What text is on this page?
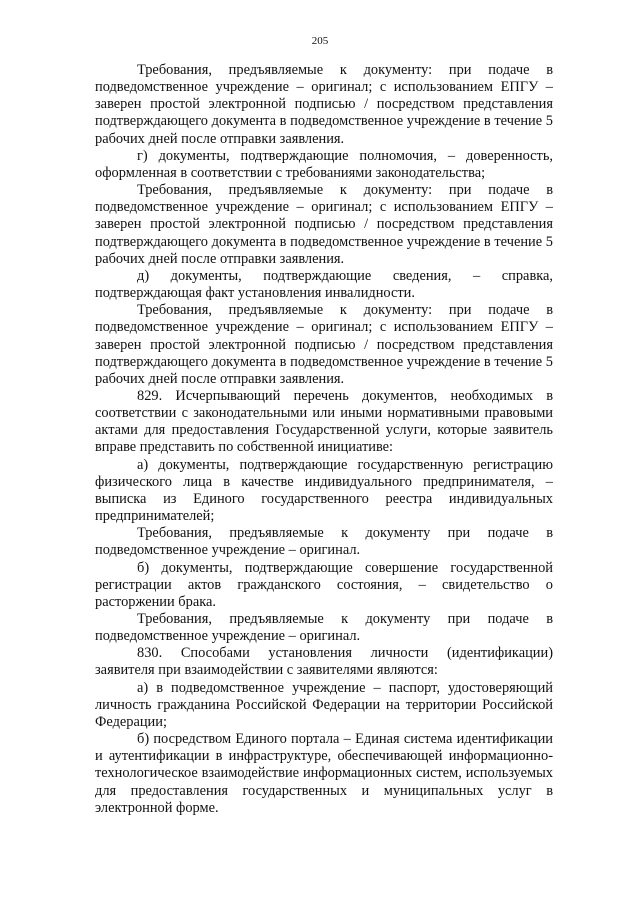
205

Требования, предъявляемые к документу: при подаче в подведомственное учреждение – оригинал; с использованием ЕПГУ – заверен простой электронной подписью / посредством представления подтверждающего документа в подведомственное учреждение в течение 5 рабочих дней после отправки заявления.

г) документы, подтверждающие полномочия, – доверенность, оформленная в соответствии с требованиями законодательства;

Требования, предъявляемые к документу: при подаче в подведомственное учреждение – оригинал; с использованием ЕПГУ – заверен простой электронной подписью / посредством представления подтверждающего документа в подведомственное учреждение в течение 5 рабочих дней после отправки заявления.

д) документы, подтверждающие сведения, – справка, подтверждающая факт установления инвалидности.

Требования, предъявляемые к документу: при подаче в подведомственное учреждение – оригинал; с использованием ЕПГУ – заверен простой электронной подписью / посредством представления подтверждающего документа в подведомственное учреждение в течение 5 рабочих дней после отправки заявления.

829. Исчерпывающий перечень документов, необходимых в соответствии с законодательными или иными нормативными правовыми актами для предоставления Государственной услуги, которые заявитель вправе представить по собственной инициативе:

а) документы, подтверждающие государственную регистрацию физического лица в качестве индивидуального предпринимателя, – выписка из Единого государственного реестра индивидуальных предпринимателей;

Требования, предъявляемые к документу при подаче в подведомственное учреждение – оригинал.

б) документы, подтверждающие совершение государственной регистрации актов гражданского состояния, – свидетельство о расторжении брака.

Требования, предъявляемые к документу при подаче в подведомственное учреждение – оригинал.

830. Способами установления личности (идентификации) заявителя при взаимодействии с заявителями являются:

а) в подведомственное учреждение – паспорт, удостоверяющий личность гражданина Российской Федерации на территории Российской Федерации;

б) посредством Единого портала – Единая система идентификации и аутентификации в инфраструктуре, обеспечивающей информационно-технологическое взаимодействие информационных систем, используемых для предоставления государственных и муниципальных услуг в электронной форме.
